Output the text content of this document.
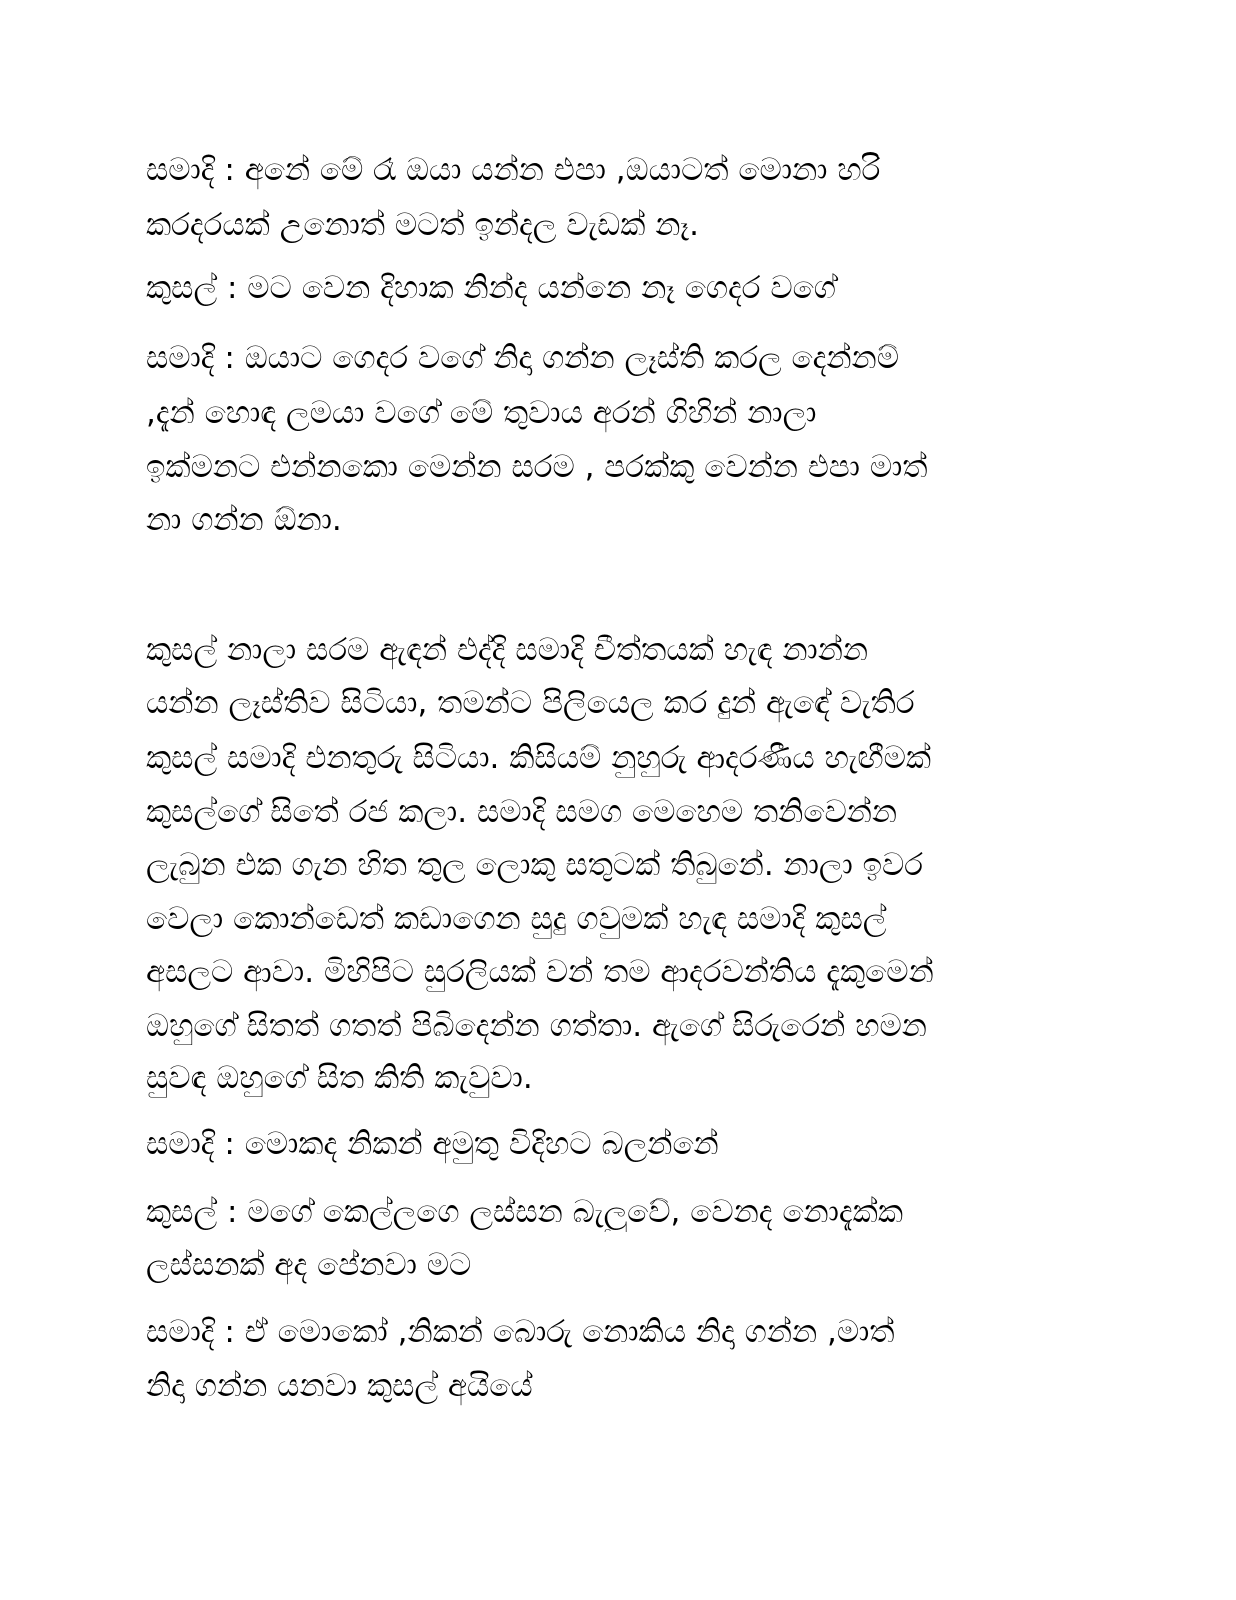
සමාදි : අනේ මේ රෑ ඔයා යන්න එපා ,ඔයාටත් මොනා හරි
කරදරයක් උනොත් මටත් ඉන්දල වැඩක් නෑ.
කුසල් : මට වෙන දිහාක නින්ද යන්නෙ නෑ ගෙදර වගේ
සමාදි : ඔයාට ගෙදර වගේ නිදා ගන්න ලෑස්ති කරල දෙන්නම්
,දැන් හොඳ ලමයා වගේ මේ තුවාය අරන් ගිහින් නාලා
ඉක්මනට එන්නකො මෙන්න සරම , පරක්කු වෙන්න එපා මාත්
නා ගන්න ඕනා.
කුසල් නාලා සරම ඇඳන් එද්දි සමාදි චීත්තයක් හැඳ නාන්න
යන්න ලෑස්තිව සිටියා, තමන්ට පිලියෙල කර දුන් ඇඳේ වැතිර
කුසල් සමාදි එනතුරු සිටියා. කිසියම් නුහුරු ආදරණීය හැඟීමක්
කුසල්ගේ සිතේ රජ කලා. සමාදි සමග මෙහෙම තනිවෙන්න
ලැබුන එක ගැන හිත තුල ලොකු සතුටක් තිබුනේ. නාලා ඉවර
වෙලා කොන්ඩෙත් කඩාගෙන සුදු ගවුමක් හැඳ සමාදි කුසල්
අසලට ආවා. මිහිපිට සුරලියක් වන් තම ආදරවන්තිය දැකුමෙන්
ඔහුගේ සිතත් ගතත් පිබිදෙන්න ගත්තා. ඇගේ සිරුරෙන් හමන
සුවඳ ඔහුගේ සිත කිති කැවුවා.
සමාදි : මොකද නිකන් අමුතු විදිහට බලන්නේ
කුසල් : මගේ කෙල්ලගෙ ලස්සන බැලුවේ, වෙනද නොදැක්ක
ලස්සනක් අද පේනවා මට
සමාදි : ඒ මොකෝ ,නිකන් බොරු නොකිය නිදා ගන්න ,මාත්
නිදා ගන්න යනවා කුසල් අයියේ
